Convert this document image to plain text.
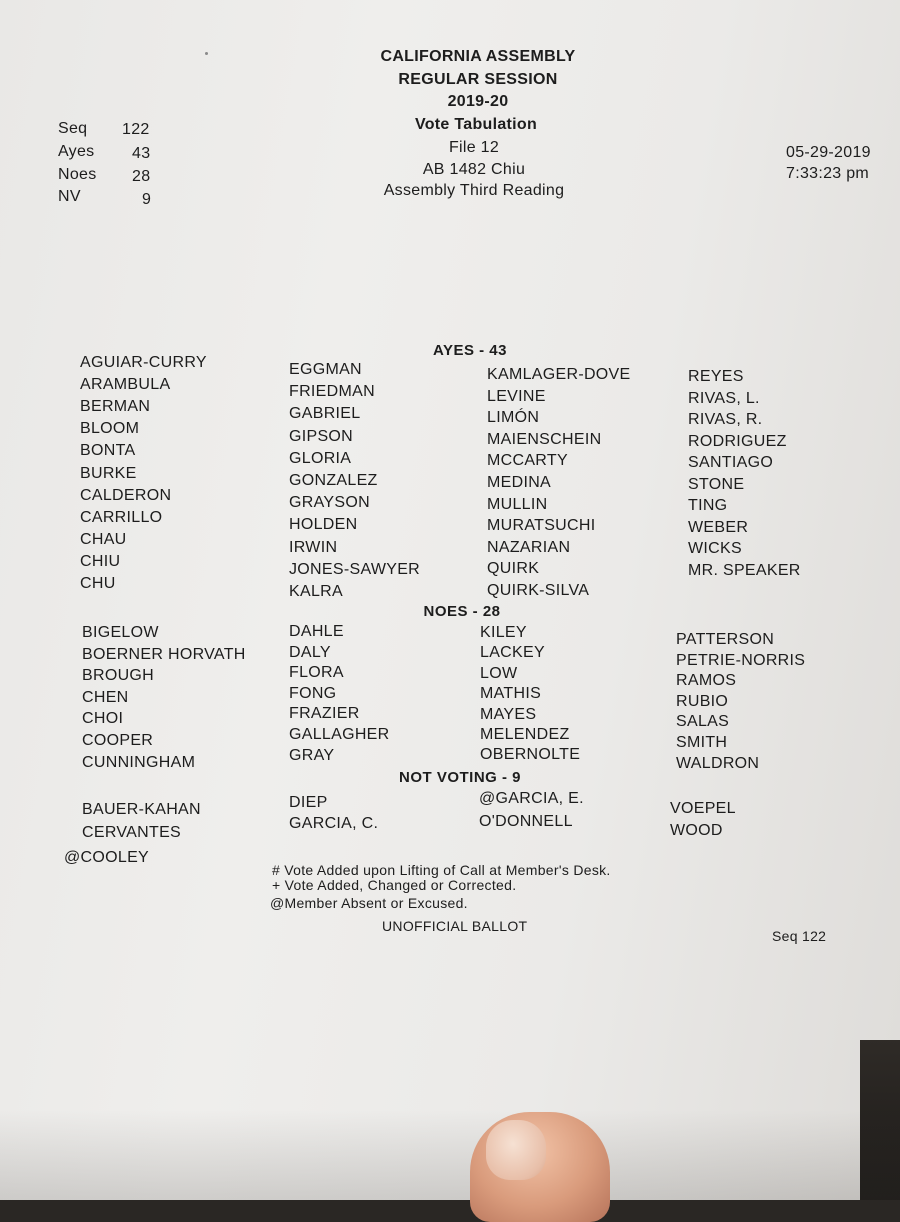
CALIFORNIA ASSEMBLY
REGULAR SESSION
2019-20
Vote Tabulation
File 12
AB 1482 Chiu
Assembly Third Reading
Seq 122
Ayes 43
Noes 28
NV	9
05-29-2019
7:33:23 pm
AYES - 43
NOES - 28
NOT VOTING - 9
AGUIAR-CURRY
ARAMBULA
BERMAN
BLOOM
BONTA
BURKE
CALDERON
CARRILLO
CHAU
CHIU
CHU
EGGMAN
FRIEDMAN
GABRIEL
GIPSON
GLORIA
GONZALEZ
GRAYSON
HOLDEN
IRWIN
JONES-SAWYER
KALRA
KAMLAGER-DOVE
LEVINE
LIMÓN
MAIENSCHEIN
MCCARTY
MEDINA
MULLIN
MURATSUCHI
NAZARIAN
QUIRK
QUIRK-SILVA
REYES
RIVAS, L.
RIVAS, R.
RODRIGUEZ
SANTIAGO
STONE
TING
WEBER
WICKS
MR. SPEAKER
BIGELOW
BOERNER HORVATH
BROUGH
CHEN
CHOI
COOPER
CUNNINGHAM
DAHLE
DALY
FLORA
FONG
FRAZIER
GALLAGHER
GRAY
KILEY
LACKEY
LOW
MATHIS
MAYES
MELENDEZ
OBERNOLTE
PATTERSON
PETRIE-NORRIS
RAMOS
RUBIO
SALAS
SMITH
WALDRON
BAUER-KAHAN
CERVANTES
@COOLEY
DIEP
GARCIA, C.
@GARCIA, E.
O'DONNELL
VOEPEL
WOOD
# Vote Added upon Lifting of Call at Member's Desk.
+ Vote Added, Changed or Corrected.
@Member Absent or Excused.
UNOFFICIAL BALLOT
Seq 122
